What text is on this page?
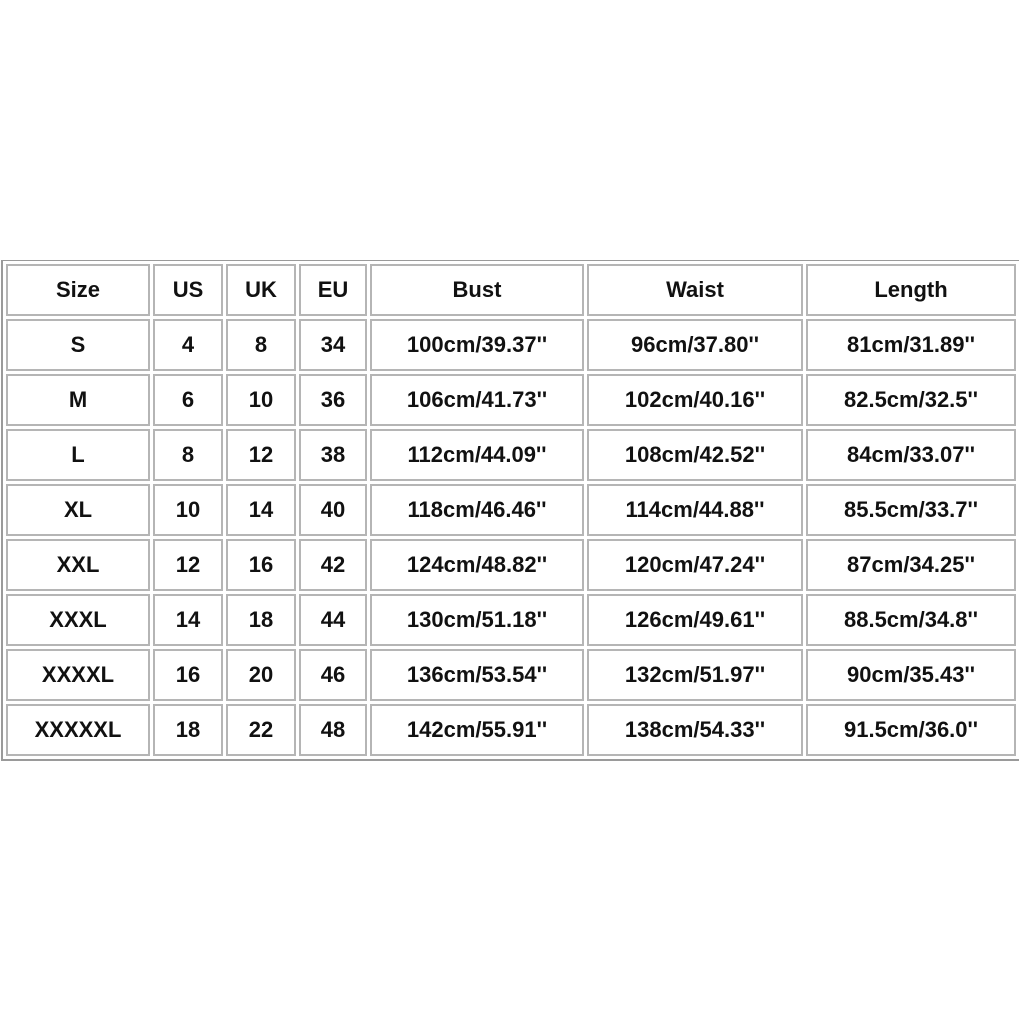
Size	US	UK	EU	Bust	Waist	Length
S	4	8	34	100cm/39.37''	96cm/37.80''	81cm/31.89''
M	6	10	36	106cm/41.73''	102cm/40.16''	82.5cm/32.5''
L	8	12	38	112cm/44.09''	108cm/42.52''	84cm/33.07''
XL	10	14	40	118cm/46.46''	114cm/44.88''	85.5cm/33.7''
XXL	12	16	42	124cm/48.82''	120cm/47.24''	87cm/34.25''
XXXL	14	18	44	130cm/51.18''	126cm/49.61''	88.5cm/34.8''
XXXXL	16	20	46	136cm/53.54''	132cm/51.97''	90cm/35.43''
XXXXXL	18	22	48	142cm/55.91''	138cm/54.33''	91.5cm/36.0''
